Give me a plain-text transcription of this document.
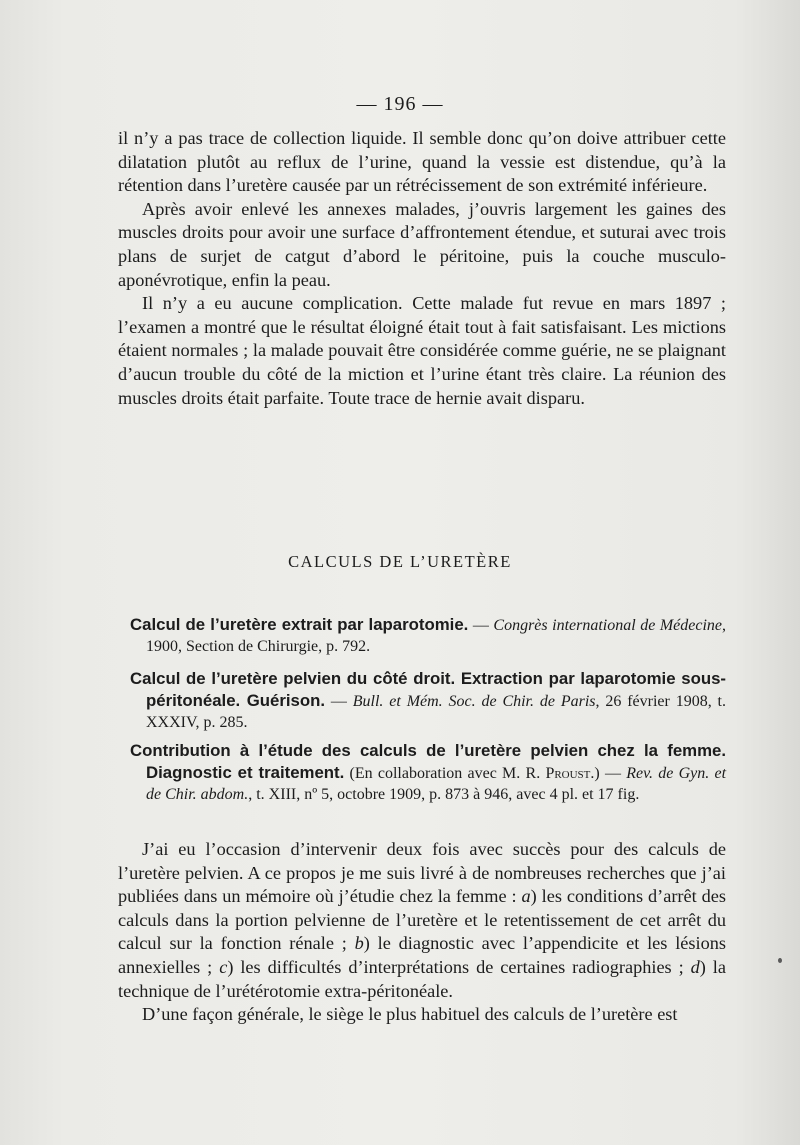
— 196 —

il n’y a pas trace de collection liquide. Il semble donc qu’on doive attribuer cette dilatation plutôt au reflux de l’urine, quand la vessie est distendue, qu’à la rétention dans l’uretère causée par un rétrécissement de son extrémité inférieure.

Après avoir enlevé les annexes malades, j’ouvris largement les gaines des muscles droits pour avoir une surface d’affrontement étendue, et suturai avec trois plans de surjet de catgut d’abord le péritoine, puis la couche musculo-aponévrotique, enfin la peau.

Il n’y a eu aucune complication. Cette malade fut revue en mars 1897 ; l’examen a montré que le résultat éloigné était tout à fait satisfaisant. Les mictions étaient normales ; la malade pouvait être considérée comme guérie, ne se plaignant d’aucun trouble du côté de la miction et l’urine étant très claire. La réunion des muscles droits était parfaite. Toute trace de hernie avait disparu.

CALCULS DE L’URETÈRE
Calcul de l’uretère extrait par laparotomie. — Congrès international de Médecine, 1900, Section de Chirurgie, p. 792.
Calcul de l’uretère pelvien du côté droit. Extraction par laparotomie sous-péritonéale. Guérison. — Bull. et Mém. Soc. de Chir. de Paris, 26 février 1908, t. XXXIV, p. 285.
Contribution à l’étude des calculs de l’uretère pelvien chez la femme. Diagnostic et traitement. (En collaboration avec M. R. Proust.) — Rev. de Gyn. et de Chir. abdom., t. XIII, nº 5, octobre 1909, p. 873 à 946, avec 4 pl. et 17 fig.

J’ai eu l’occasion d’intervenir deux fois avec succès pour des calculs de l’uretère pelvien. A ce propos je me suis livré à de nombreuses recherches que j’ai publiées dans un mémoire où j’étudie chez la femme : a) les conditions d’arrêt des calculs dans la portion pelvienne de l’uretère et le retentissement de cet arrêt du calcul sur la fonction rénale ; b) le diagnostic avec l’appendicite et les lésions annexielles ; c) les difficultés d’interprétations de certaines radiographies ; d) la technique de l’urétérotomie extra-péritonéale.

D’une façon générale, le siège le plus habituel des calculs de l’uretère est
